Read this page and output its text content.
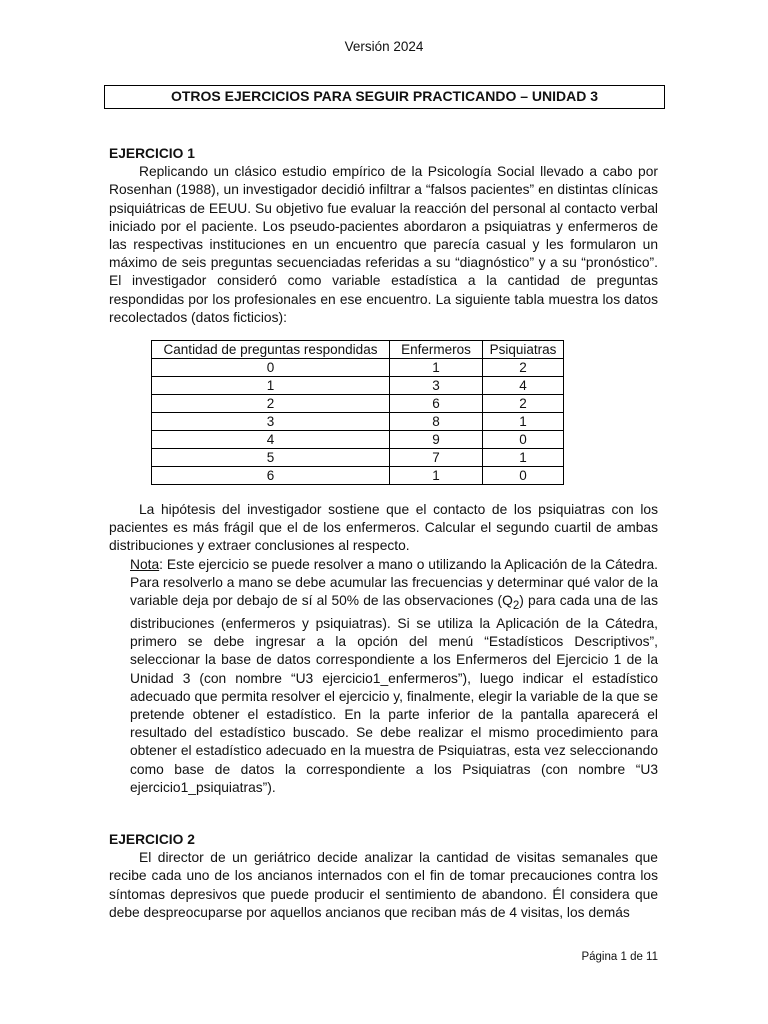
Versión 2024
OTROS EJERCICIOS PARA SEGUIR PRACTICANDO – UNIDAD 3

EJERCICIO 1

Replicando un clásico estudio empírico de la Psicología Social llevado a cabo por Rosenhan (1988), un investigador decidió infiltrar a “falsos pacientes” en distintas clínicas psiquiátricas de EEUU. Su objetivo fue evaluar la reacción del personal al contacto verbal iniciado por el paciente. Los pseudo-pacientes abordaron a psiquiatras y enfermeros de las respectivas instituciones en un encuentro que parecía casual y les formularon un máximo de seis preguntas secuenciadas referidas a su “diagnóstico” y a su “pronóstico”. El investigador consideró como variable estadística a la cantidad de preguntas respondidas por los profesionales en ese encuentro. La siguiente tabla muestra los datos recolectados (datos ficticios):

Cantidad de preguntas respondidas	Enfermeros	Psiquiatras
0	1	2
1	3	4
2	6	2
3	8	1
4	9	0
5	7	1
6	1	0

La hipótesis del investigador sostiene que el contacto de los psiquiatras con los pacientes es más frágil que el de los enfermeros. Calcular el segundo cuartil de ambas distribuciones y extraer conclusiones al respecto.

Nota: Este ejercicio se puede resolver a mano o utilizando la Aplicación de la Cátedra. Para resolverlo a mano se debe acumular las frecuencias y determinar qué valor de la variable deja por debajo de sí al 50% de las observaciones $(Q_2)$ para cada una de las distribuciones (enfermeros y psiquiatras). Si se utiliza la Aplicación de la Cátedra, primero se debe ingresar a la opción del menú “Estadísticos Descriptivos”, seleccionar la base de datos correspondiente a los Enfermeros del Ejercicio 1 de la Unidad 3 (con nombre “U3 ejercicio1_enfermeros”), luego indicar el estadístico adecuado que permita resolver el ejercicio y, finalmente, elegir la variable de la que se pretende obtener el estadístico. En la parte inferior de la pantalla aparecerá el resultado del estadístico buscado. Se debe realizar el mismo procedimiento para obtener el estadístico adecuado en la muestra de Psiquiatras, esta vez seleccionando como base de datos la correspondiente a los Psiquiatras (con nombre “U3 ejercicio1_psiquiatras”).

EJERCICIO 2

El director de un geriátrico decide analizar la cantidad de visitas semanales que recibe cada uno de los ancianos internados con el fin de tomar precauciones contra los síntomas depresivos que puede producir el sentimiento de abandono. Él considera que debe despreocuparse por aquellos ancianos que reciban más de 4 visitas, los demás

Página 1 de 11
